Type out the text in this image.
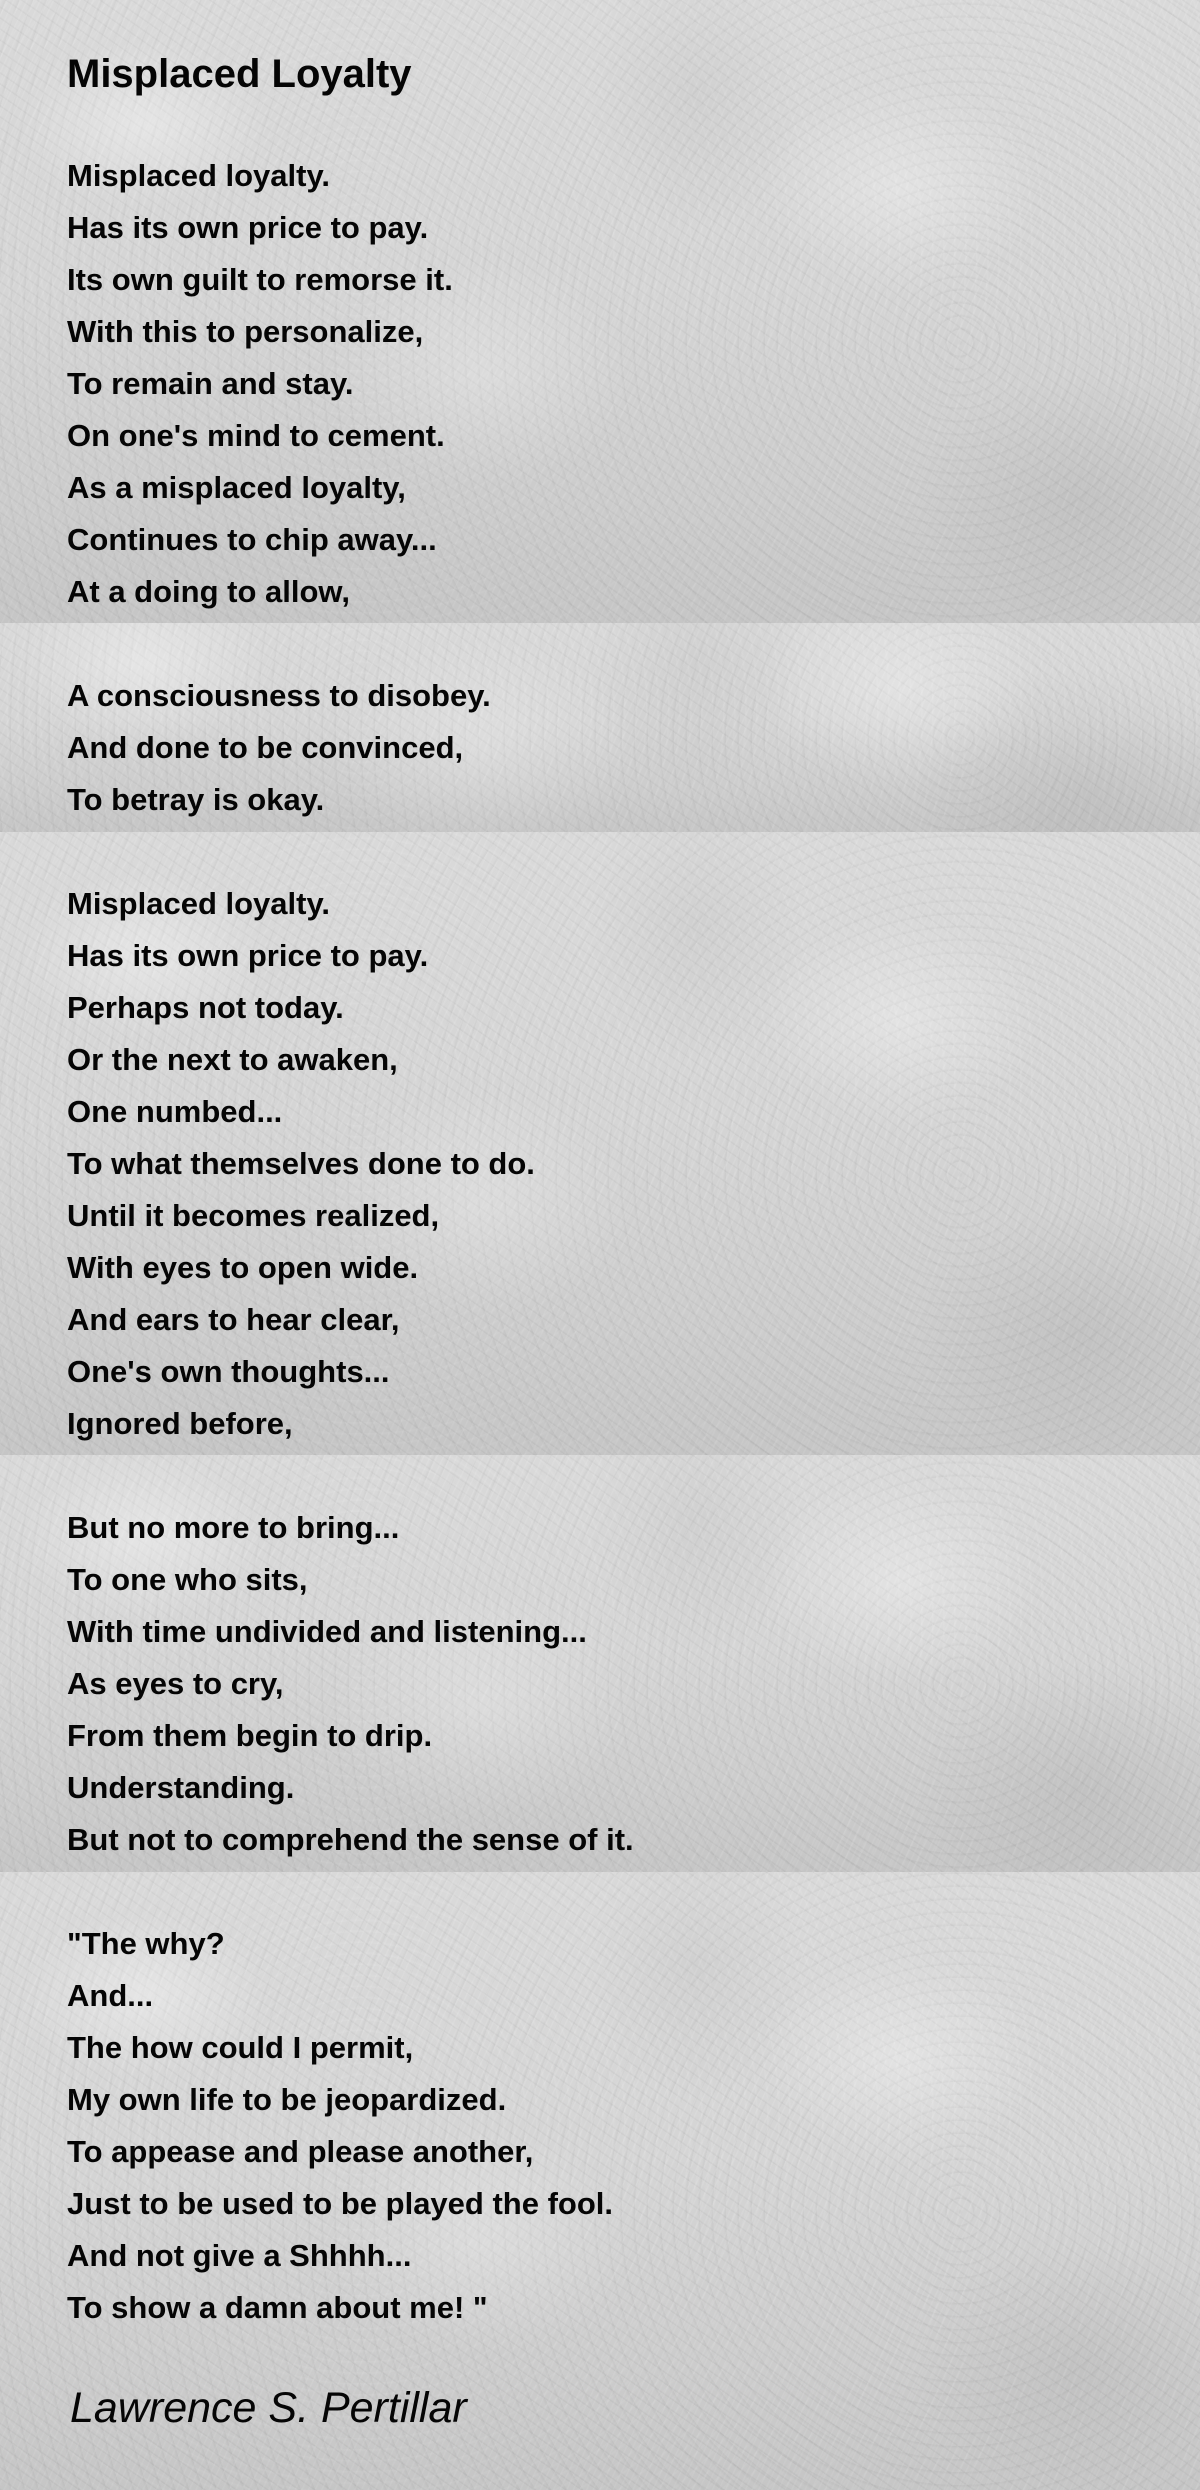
Misplaced Loyalty
Misplaced loyalty.
Has its own price to pay.
Its own guilt to remorse it.
With this to personalize,
To remain and stay.
On one's mind to cement.
As a misplaced loyalty,
Continues to chip away...
At a doing to allow,
A consciousness to disobey.
And done to be convinced,
To betray is okay.
Misplaced loyalty.
Has its own price to pay.
Perhaps not today.
Or the next to awaken,
One numbed...
To what themselves done to do.
Until it becomes realized,
With eyes to open wide.
And ears to hear clear,
One's own thoughts...
Ignored before,
But no more to bring...
To one who sits,
With time undivided and listening...
As eyes to cry,
From them begin to drip.
Understanding.
But not to comprehend the sense of it.
"The why?
And...
The how could I permit,
My own life to be jeopardized.
To appease and please another,
Just to be used to be played the fool.
And not give a Shhhh...
To show a damn about me! "

Lawrence S. Pertillar
